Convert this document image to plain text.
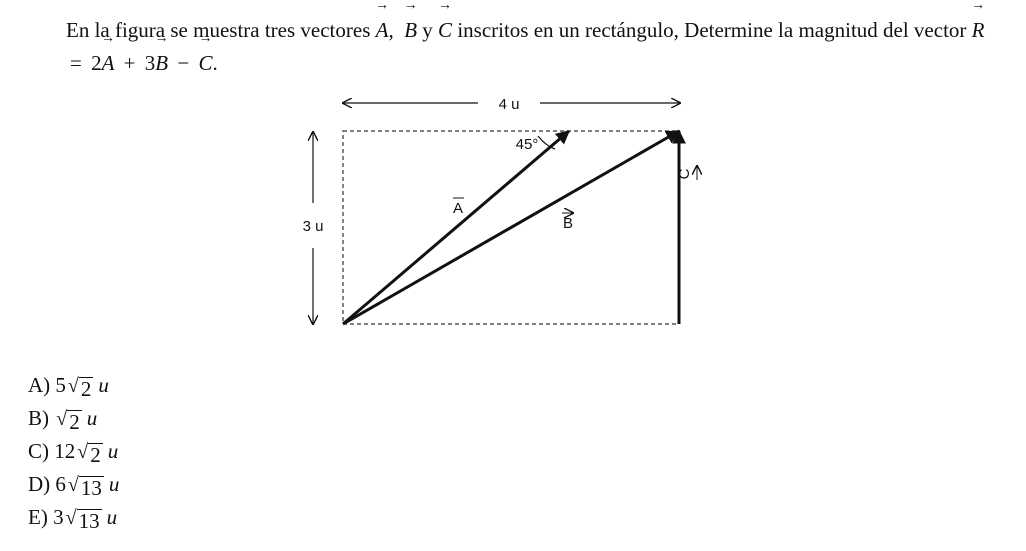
En la figura se muestra tres vectores → A, → B y → C inscritos en un rectángulo, Determine la magnitud del vector → R = 2→ A + 3→ B − → C.
4 u
3 u
45°
A
B
C
A)
5 √ 2 u
B)
√ 2 u
C)
12 √ 2 u
D)
6 √ 13 u
E)
3 √ 13 u
